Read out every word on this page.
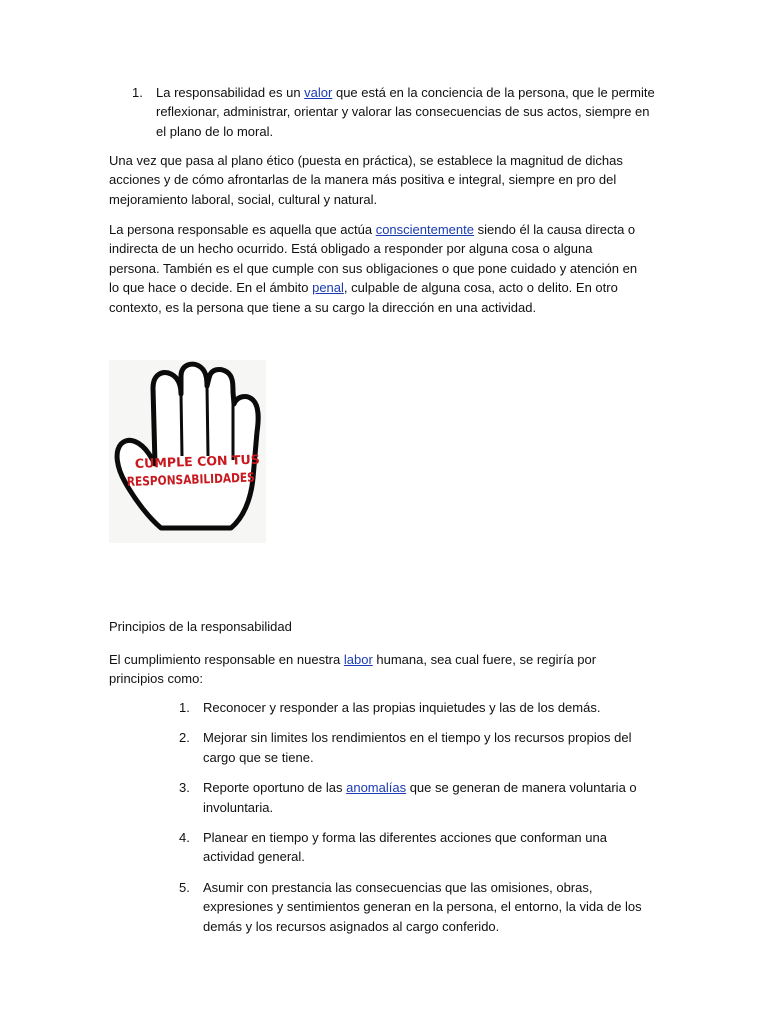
1. La responsabilidad es un valor que está en la conciencia de la persona, que le permite reflexionar, administrar, orientar y valorar las consecuencias de sus actos, siempre en el plano de lo moral.

Una vez que pasa al plano ético (puesta en práctica), se establece la magnitud de dichas acciones y de cómo afrontarlas de la manera más positiva e integral, siempre en pro del mejoramiento laboral, social, cultural y natural.

La persona responsable es aquella que actúa conscientemente siendo él la causa directa o indirecta de un hecho ocurrido. Está obligado a responder por alguna cosa o alguna persona. También es el que cumple con sus obligaciones o que pone cuidado y atención en lo que hace o decide. En el ámbito penal, culpable de alguna cosa, acto o delito. En otro contexto, es la persona que tiene a su cargo la dirección en una actividad.

CUMPLE CON TUS
RESPONSABILIDADES

Principios de la responsabilidad

El cumplimiento responsable en nuestra labor humana, sea cual fuere, se regiría por principios como:

1. Reconocer y responder a las propias inquietudes y las de los demás.
2. Mejorar sin limites los rendimientos en el tiempo y los recursos propios del cargo que se tiene.
3. Reporte oportuno de las anomalías que se generan de manera voluntaria o involuntaria.
4. Planear en tiempo y forma las diferentes acciones que conforman una actividad general.
5. Asumir con prestancia las consecuencias que las omisiones, obras, expresiones y sentimientos generan en la persona, el entorno, la vida de los demás y los recursos asignados al cargo conferido.
